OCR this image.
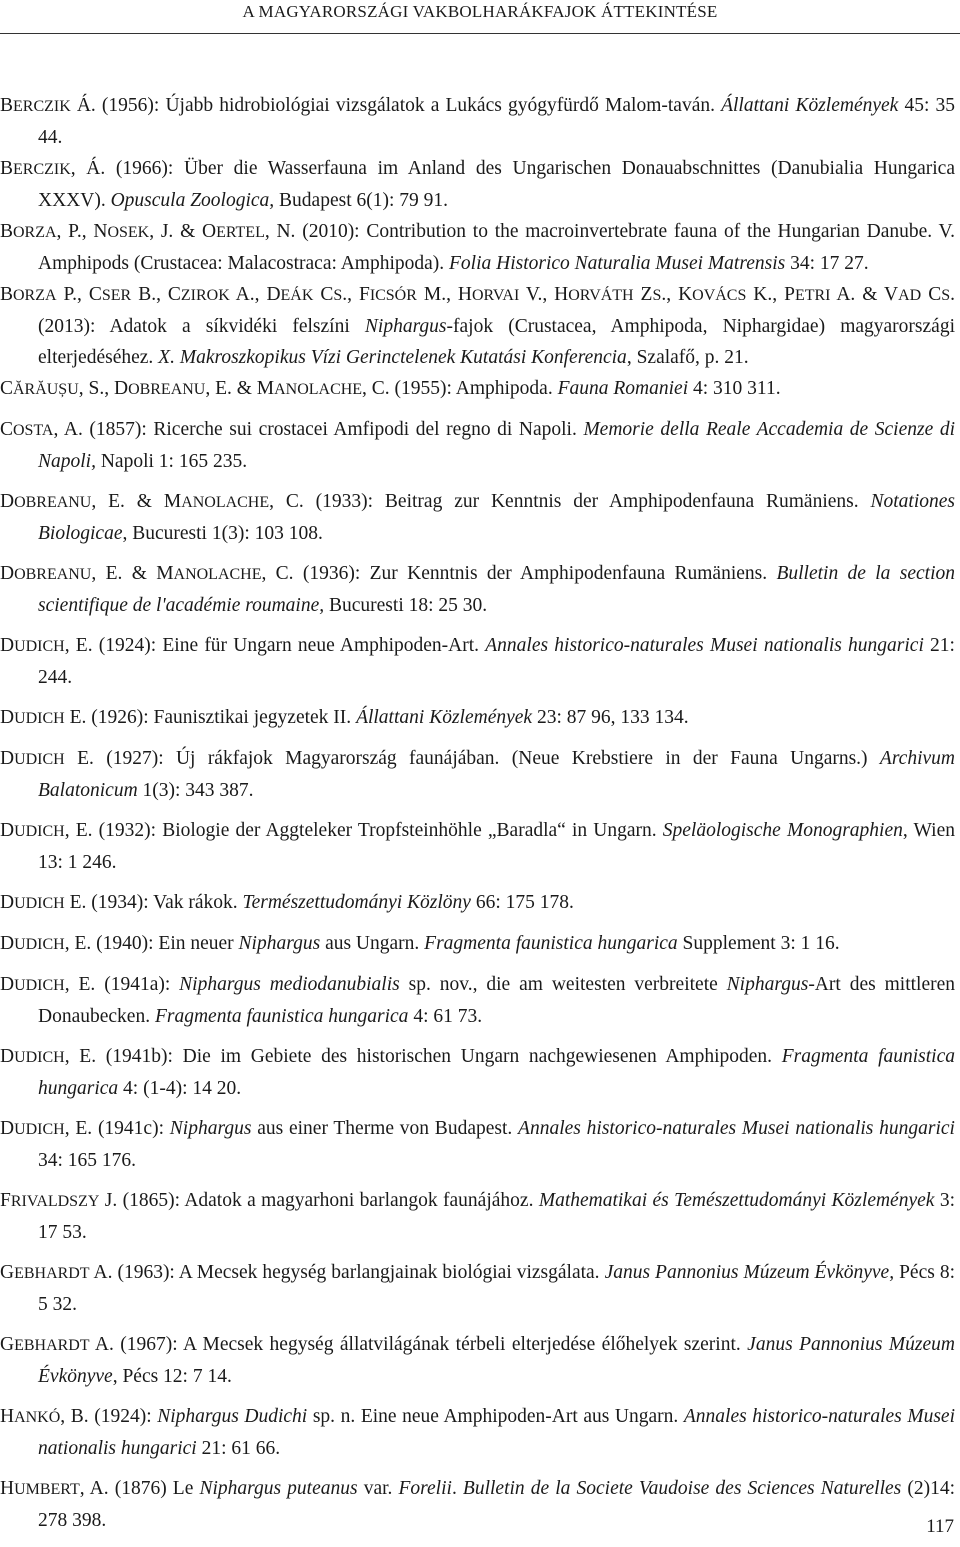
A MAGYARORSZÁGI VAKBOLHARÁKFAJOK ÁTTEKINTÉSE

BERCZIK Á. (1956): Újabb hidrobiológiai vizsgálatok a Lukács gyógyfürdő Malom-taván. Állattani Közlemények 45: 35 44.

BERCZIK, Á. (1966): Über die Wasserfauna im Anland des Ungarischen Donauabschnittes (Danubialia Hungarica XXXV). Opuscula Zoologica, Budapest 6(1): 79 91.

BORZA, P., NOSEK, J. & OERTEL, N. (2010): Contribution to the macroinvertebrate fauna of the Hungarian Danube. V. Amphipods (Crustacea: Malacostraca: Amphipoda). Folia Historico Naturalia Musei Matrensis 34: 17 27.

BORZA P., CSER B., CZIROK A., DEÁK CS., FICSÓR M., HORVAI V., HORVÁTH ZS., KOVÁCS K., PETRI A. & VAD CS. (2013): Adatok a síkvidéki felszíni Niphargus-fajok (Crustacea, Amphipoda, Niphargidae) magyarországi elterjedéséhez. X. Makroszkopikus Vízi Gerinctelenek Kutatási Konferencia, Szalafő, p. 21.

CĂRĂUȘU, S., DOBREANU, E. & MANOLACHE, C. (1955): Amphipoda. Fauna Romaniei 4: 310 311.

COSTA, A. (1857): Ricerche sui crostacei Amfipodi del regno di Napoli. Memorie della Reale Accademia de Scienze di Napoli, Napoli 1: 165 235.

DOBREANU, E. & MANOLACHE, C. (1933): Beitrag zur Kenntnis der Amphipodenfauna Rumäniens. Notationes Biologicae, Bucuresti 1(3): 103 108.

DOBREANU, E. & MANOLACHE, C. (1936): Zur Kenntnis der Amphipodenfauna Rumäniens. Bulletin de la section scientifique de l'académie roumaine, Bucuresti 18: 25 30.

DUDICH, E. (1924): Eine für Ungarn neue Amphipoden-Art. Annales historico-naturales Musei nationalis hungarici 21: 244.

DUDICH E. (1926): Faunisztikai jegyzetek II. Állattani Közlemények 23: 87 96, 133 134.

DUDICH E. (1927): Új rákfajok Magyarország faunájában. (Neue Krebstiere in der Fauna Ungarns.) Archivum Balatonicum 1(3): 343 387.

DUDICH, E. (1932): Biologie der Aggteleker Tropfsteinhöhle „Baradla“ in Ungarn. Speläologische Monographien, Wien 13: 1 246.

DUDICH E. (1934): Vak rákok. Természettudományi Közlöny 66: 175 178.

DUDICH, E. (1940): Ein neuer Niphargus aus Ungarn. Fragmenta faunistica hungarica Supplement 3: 1 16.

DUDICH, E. (1941a): Niphargus mediodanubialis sp. nov., die am weitesten verbreitete Niphargus-Art des mittleren Donaubecken. Fragmenta faunistica hungarica 4: 61 73.

DUDICH, E. (1941b): Die im Gebiete des historischen Ungarn nachgewiesenen Amphipoden. Fragmenta faunistica hungarica 4: (1-4): 14 20.

DUDICH, E. (1941c): Niphargus aus einer Therme von Budapest. Annales historico-naturales Musei nationalis hungarici 34: 165 176.

FRIVALDSZY J. (1865): Adatok a magyarhoni barlangok faunájához. Mathematikai és Temészettudományi Közlemények 3: 17 53.

GEBHARDT A. (1963): A Mecsek hegység barlangjainak biológiai vizsgálata. Janus Pannonius Múzeum Évkönyve, Pécs 8: 5 32.

GEBHARDT A. (1967): A Mecsek hegység állatvilágának térbeli elterjedése élőhelyek szerint. Janus Pannonius Múzeum Évkönyve, Pécs 12: 7 14.

HANKÓ, B. (1924): Niphargus Dudichi sp. n. Eine neue Amphipoden-Art aus Ungarn. Annales historico-naturales Musei nationalis hungarici 21: 61 66.

HUMBERT, A. (1876) Le Niphargus puteanus var. Forelii. Bulletin de la Societe Vaudoise des Sciences Naturelles (2)14: 278 398.	117
